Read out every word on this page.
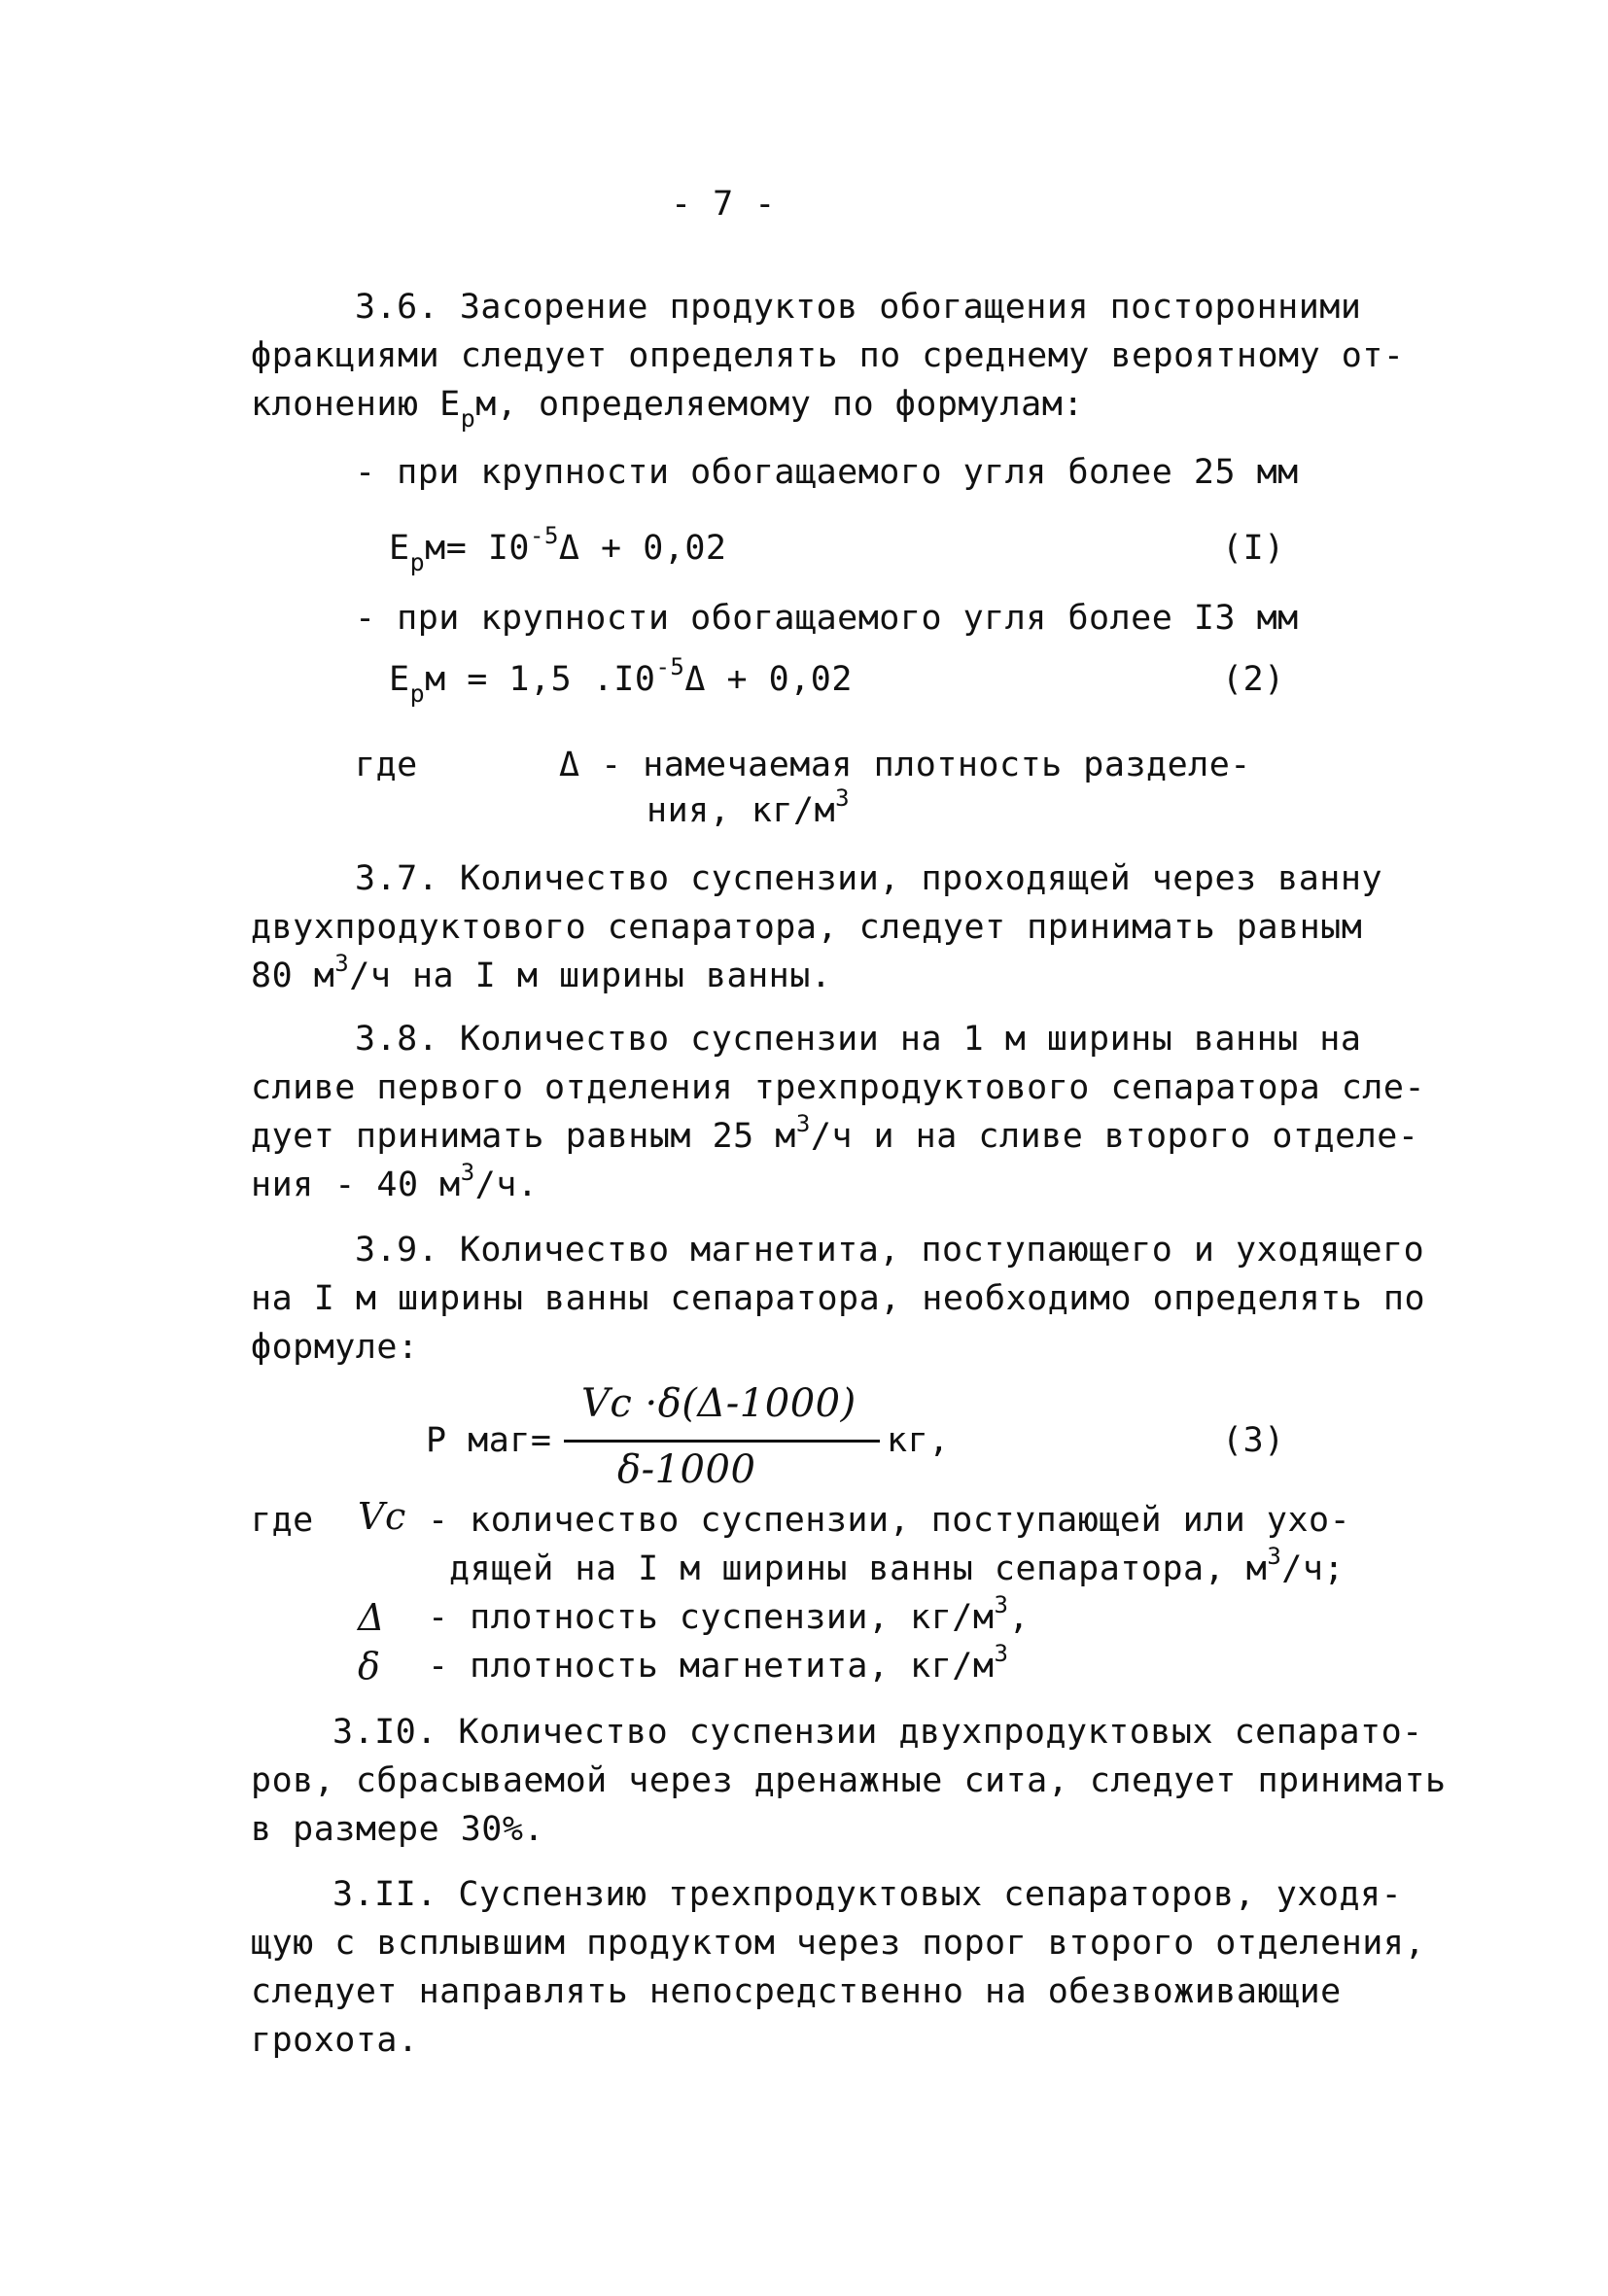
- 7 -
3.6. Засорение продуктов обогащения посторонними
фракциями следует определять по среднему вероятному от-
клонению $Е_рм$, определяемому по формулам:
- при крупности обогащаемого угля более 25 мм
$Е_рм= I0^{-5}\Delta + 0,02$	(I)
- при крупности обогащаемого угля более I3 мм
$Е_рм = 1,5$ $.I0^{-5}\Delta + 0,02$	(2)
где	Δ - намечаемая плотность разделе-
ния, $кг/м^3$
3.7. Количество суспензии, проходящей через ванну
двухпродуктового сепаратора, следует принимать равным
80 $м^3/ч$ на I м ширины ванны.
3.8. Количество суспензии на 1 м ширины ванны на
сливе первого отделения трехпродуктового сепаратора сле-
дует принимать равным 25 $м^3/ч$ и на сливе второго отделе-
ния - 40 $м^3/ч$.
3.9. Количество магнетита, поступающего и уходящего
на I м ширины ванны сепаратора, необходимо определять по
формуле:
Р маг=
Vс ·δ(Δ-1000)
δ-1000
кг,	(3)
где Vс - количество суспензии, поступающей или ухо-
дящей на I м ширины ванны сепаратора, $м^3/ч$;
Δ - плотность суспензии, $кг/м^3$,
δ - плотность магнетита, $кг/м^3$
3.I0. Количество суспензии двухпродуктовых сепарато-
ров, сбрасываемой через дренажные сита, следует принимать
в размере 30%.
3.II. Суспензию трехпродуктовых сепараторов, уходя-
щую с всплывшим продуктом через порог второго отделения,
следует направлять непосредственно на обезвоживающие
грохота.
